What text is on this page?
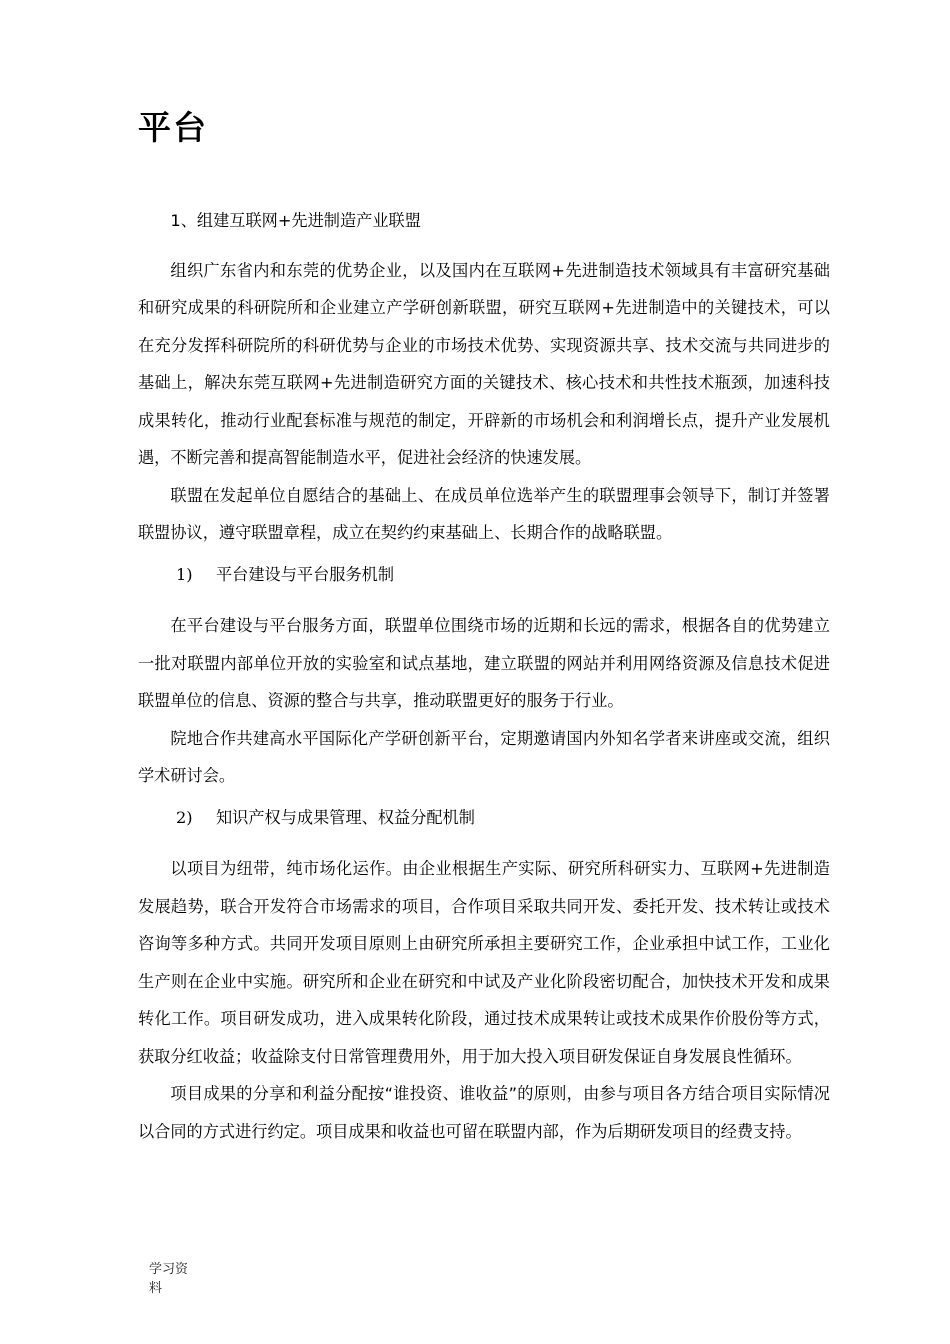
平台

1、组建互联网+先进制造产业联盟

组织广东省内和东莞的优势企业，以及国内在互联网+先进制造技术领域具有丰富研究基础和研究成果的科研院所和企业建立产学研创新联盟，研究互联网+先进制造中的关键技术，可以在充分发挥科研院所的科研优势与企业的市场技术优势、实现资源共享、技术交流与共同进步的基础上，解决东莞互联网+先进制造研究方面的关键技术、核心技术和共性技术瓶颈，加速科技成果转化，推动行业配套标准与规范的制定，开辟新的市场机会和利润增长点，提升产业发展机遇，不断完善和提高智能制造水平，促进社会经济的快速发展。

联盟在发起单位自愿结合的基础上、在成员单位选举产生的联盟理事会领导下，制订并签署联盟协议，遵守联盟章程，成立在契约约束基础上、长期合作的战略联盟。

1) 平台建设与平台服务机制

在平台建设与平台服务方面，联盟单位围绕市场的近期和长远的需求，根据各自的优势建立一批对联盟内部单位开放的实验室和试点基地，建立联盟的网站并利用网络资源及信息技术促进联盟单位的信息、资源的整合与共享，推动联盟更好的服务于行业。

院地合作共建高水平国际化产学研创新平台，定期邀请国内外知名学者来讲座或交流，组织学术研讨会。

2) 知识产权与成果管理、权益分配机制

以项目为纽带，纯市场化运作。由企业根据生产实际、研究所科研实力、互联网+先进制造发展趋势，联合开发符合市场需求的项目，合作项目采取共同开发、委托开发、技术转让或技术咨询等多种方式。共同开发项目原则上由研究所承担主要研究工作，企业承担中试工作，工业化生产则在企业中实施。研究所和企业在研究和中试及产业化阶段密切配合，加快技术开发和成果转化工作。项目研发成功，进入成果转化阶段，通过技术成果转让或技术成果作价股份等方式，获取分红收益；收益除支付日常管理费用外，用于加大投入项目研发保证自身发展良性循环。

项目成果的分享和利益分配按“谁投资、谁收益”的原则，由参与项目各方结合项目实际情况以合同的方式进行约定。项目成果和收益也可留在联盟内部，作为后期研发项目的经费支持。

学习资料
